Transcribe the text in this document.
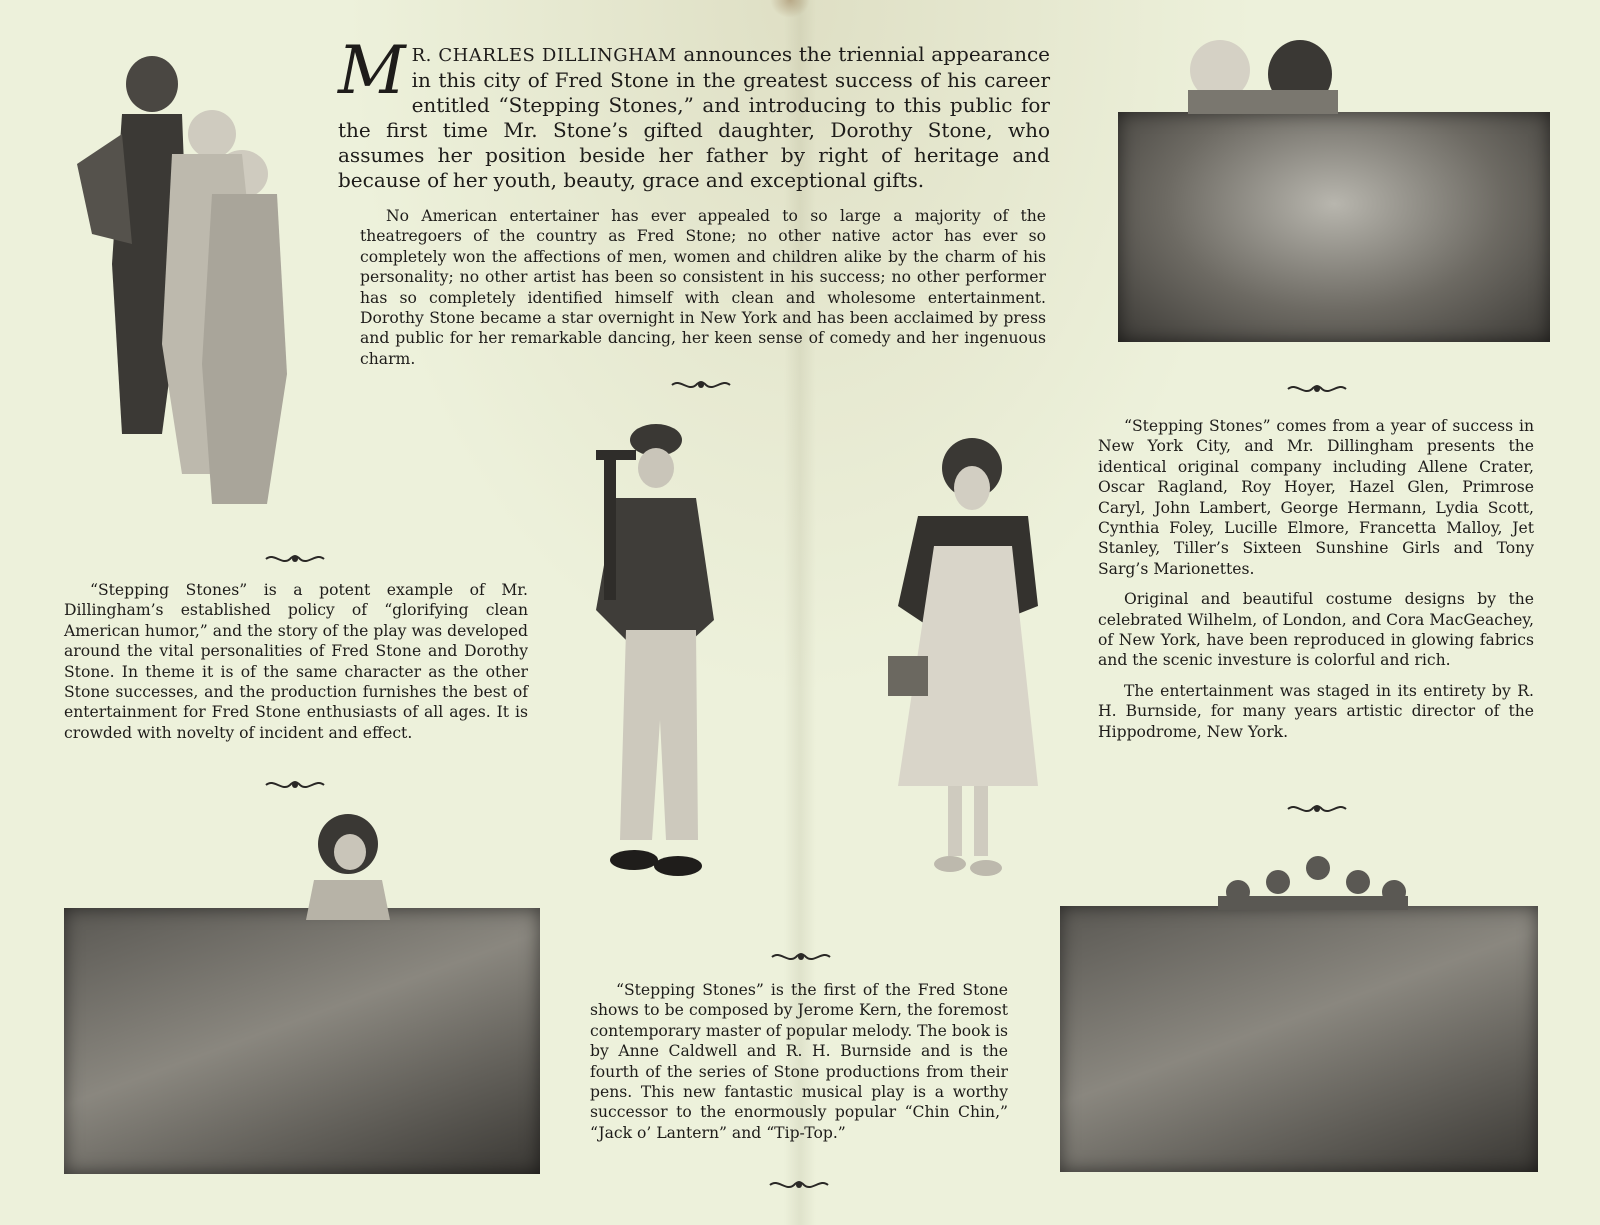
M R. CHARLES DILLINGHAM announces the triennial appearance in this city of Fred Stone in the greatest success of his career entitled “Stepping Stones,” and introducing to this public for the first time Mr. Stone’s gifted daughter, Dorothy Stone, who assumes her position beside her father by right of heritage and because of her youth, beauty, grace and exceptional gifts.

No American entertainer has ever appealed to so large a majority of the theatregoers of the country as Fred Stone; no other native actor has ever so completely won the affections of men, women and children alike by the charm of his personality; no other artist has been so consistent in his success; no other performer has so completely identified himself with clean and wholesome entertainment. Dorothy Stone became a star overnight in New York and has been acclaimed by press and public for her remarkable dancing, her keen sense of comedy and her ingenuous charm.

“Stepping Stones” is a potent example of Mr. Dillingham’s established policy of “glorifying clean American humor,” and the story of the play was developed around the vital personalities of Fred Stone and Dorothy Stone. In theme it is of the same character as the other Stone successes, and the production furnishes the best of entertainment for Fred Stone enthusiasts of all ages. It is crowded with novelty of incident and effect.

“Stepping Stones” comes from a year of success in New York City, and Mr. Dillingham presents the identical original company including Allene Crater, Oscar Ragland, Roy Hoyer, Hazel Glen, Primrose Caryl, John Lambert, George Hermann, Lydia Scott, Cynthia Foley, Lucille Elmore, Francetta Malloy, Jet Stanley, Tiller’s Sixteen Sunshine Girls and Tony Sarg’s Marionettes.

Original and beautiful costume designs by the celebrated Wilhelm, of London, and Cora MacGeachey, of New York, have been reproduced in glowing fabrics and the scenic investure is colorful and rich.

The entertainment was staged in its entirety by R. H. Burnside, for many years artistic director of the Hippodrome, New York.

“Stepping Stones” is the first of the Fred Stone shows to be composed by Jerome Kern, the foremost contemporary master of popular melody. The book is by Anne Caldwell and R. H. Burnside and is the fourth of the series of Stone productions from their pens. This new fantastic musical play is a worthy successor to the enormously popular “Chin Chin,” “Jack o’ Lantern” and “Tip-Top.”
